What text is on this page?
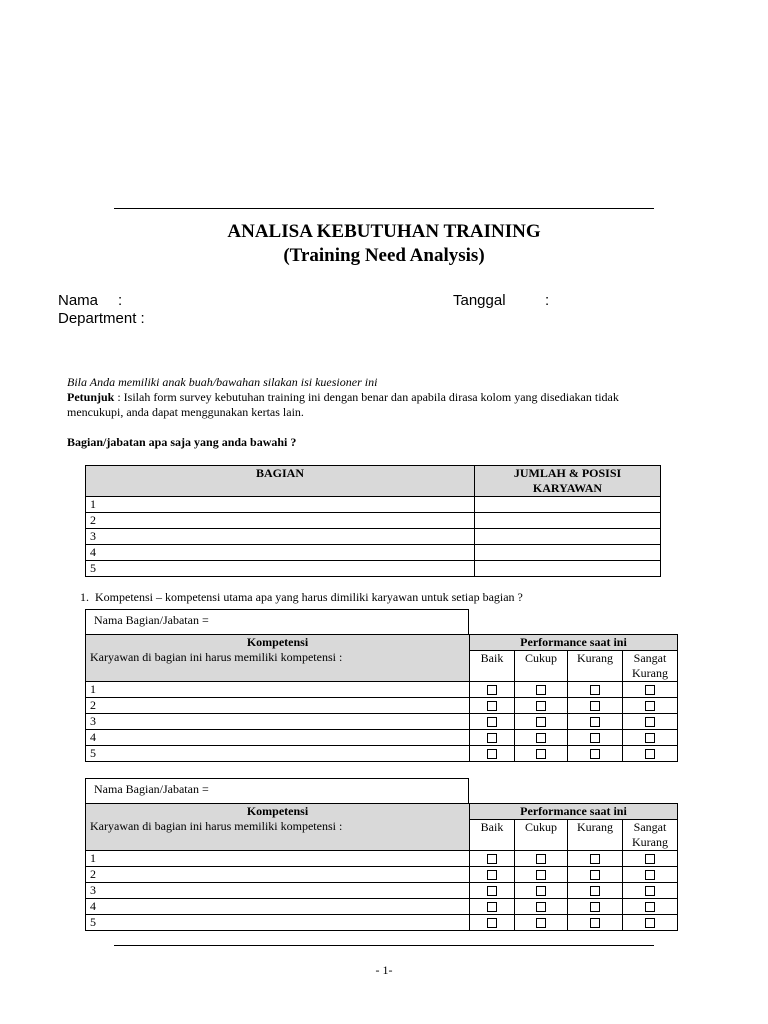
ANALISA KEBUTUHAN TRAINING
(Training Need Analysis)
Nama :	Tanggal	:
Department :
Bila Anda memiliki anak buah/bawahan silakan isi kuesioner ini
Petunjuk : Isilah form survey kebutuhan training ini dengan benar dan apabila dirasa kolom yang disediakan tidak mencukupi, anda dapat menggunakan kertas lain.
Bagian/jabatan apa saja yang anda bawahi ?
BAGIAN	JUMLAH & POSISI KARYAWAN
1	
2	
3	
4	
5	
1. Kompetensi – kompetensi utama apa yang harus dimiliki karyawan untuk setiap bagian ?
Nama Bagian/Jabatan =
Kompetensi
Karyawan di bagian ini harus memiliki kompetensi :	Performance saat ini			
	Baik	Cukup	Kurang	Sangat Kurang
1				
2				
3				
4				
5				
Nama Bagian/Jabatan =
Kompetensi
Karyawan di bagian ini harus memiliki kompetensi :	Performance saat ini			
	Baik	Cukup	Kurang	Sangat Kurang
1				
2				
3				
4				
5				
- 1-
